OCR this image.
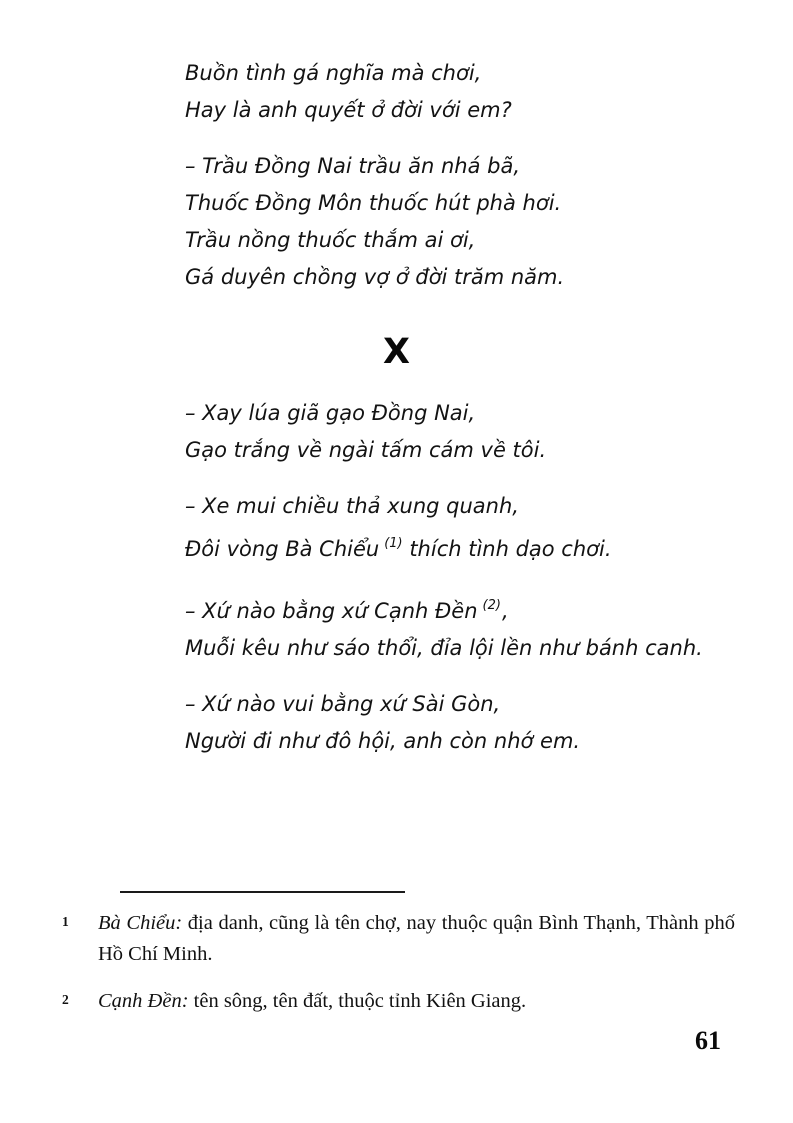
Buồn tình gá nghĩa mà chơi,
Hay là anh quyết ở đời với em?
– Trầu Đồng Nai trầu ăn nhá bã,
Thuốc Đồng Môn thuốc hút phà hơi.
Trầu nồng thuốc thắm ai ơi,
Gá duyên chồng vợ ở đời trăm năm.
X
– Xay lúa giã gạo Đồng Nai,
Gạo trắng về ngài tấm cám về tôi.
– Xe mui chiều thả xung quanh,
Đôi vòng Bà Chiểu $^{(1)}$ thích tình dạo chơi.
– Xứ nào bằng xứ Cạnh Đền $^{(2)}$,
Muỗi kêu như sáo thổi, đỉa lội lền như bánh canh.
– Xứ nào vui bằng xứ Sài Gòn,
Người đi như đô hội, anh còn nhớ em.
1 Bà Chiểu: địa danh, cũng là tên chợ, nay thuộc quận Bình Thạnh, Thành phố Hồ Chí Minh.
2 Cạnh Đền: tên sông, tên đất, thuộc tỉnh Kiên Giang.
61
